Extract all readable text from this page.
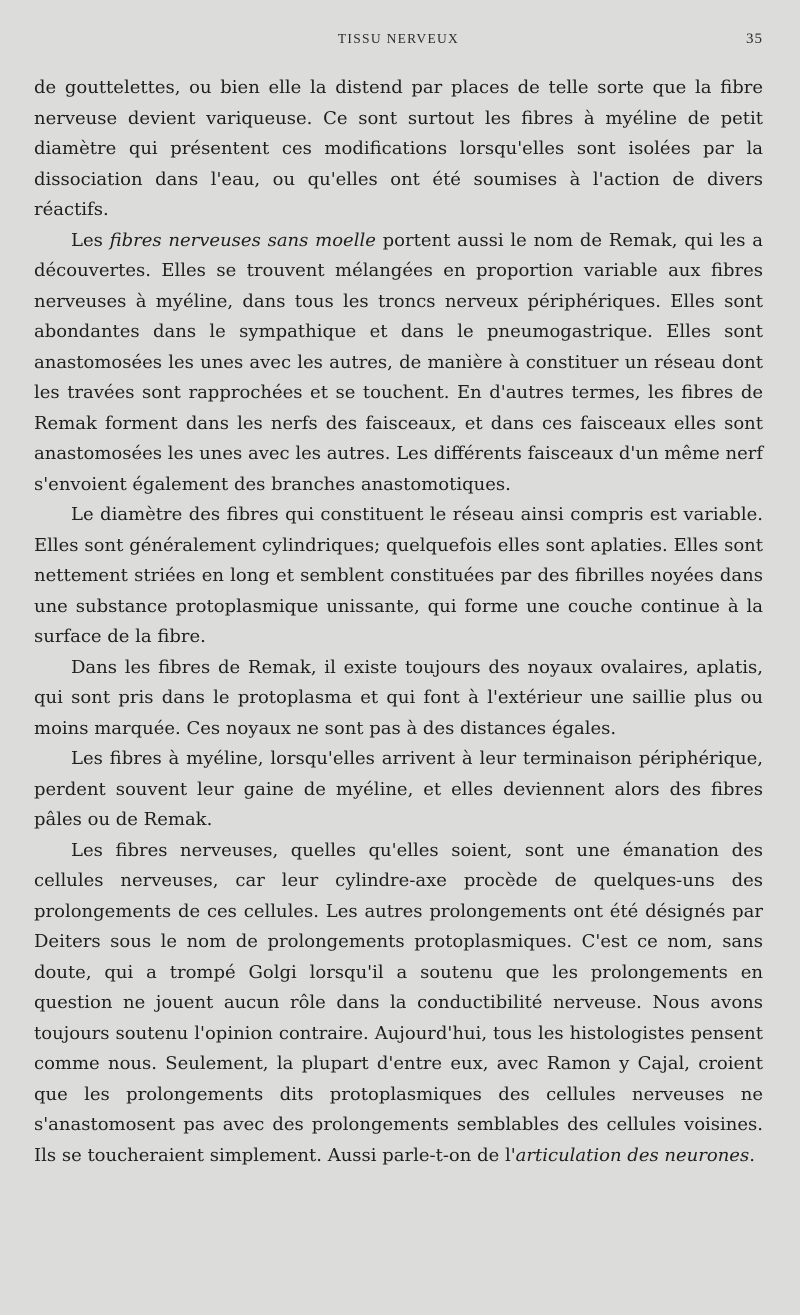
TISSU NERVEUX	35

de gouttelettes, ou bien elle la distend par places de telle sorte que la fibre nerveuse devient variqueuse. Ce sont surtout les fibres à myéline de petit diamètre qui présentent ces modifications lorsqu'elles sont isolées par la dissociation dans l'eau, ou qu'elles ont été soumises à l'action de divers réactifs.

Les fibres nerveuses sans moelle portent aussi le nom de Remak, qui les a découvertes. Elles se trouvent mélangées en proportion variable aux fibres nerveuses à myéline, dans tous les troncs nerveux périphériques. Elles sont abondantes dans le sympathique et dans le pneumogastrique. Elles sont anastomosées les unes avec les autres, de manière à constituer un réseau dont les travées sont rapprochées et se touchent. En d'autres termes, les fibres de Remak forment dans les nerfs des faisceaux, et dans ces faisceaux elles sont anastomosées les unes avec les autres. Les différents faisceaux d'un même nerf s'envoient également des branches anastomotiques.

Le diamètre des fibres qui constituent le réseau ainsi compris est variable. Elles sont généralement cylindriques; quelquefois elles sont aplaties. Elles sont nettement striées en long et semblent constituées par des fibrilles noyées dans une substance protoplasmique unissante, qui forme une couche continue à la surface de la fibre.

Dans les fibres de Remak, il existe toujours des noyaux ovalaires, aplatis, qui sont pris dans le protoplasma et qui font à l'extérieur une saillie plus ou moins marquée. Ces noyaux ne sont pas à des distances égales.

Les fibres à myéline, lorsqu'elles arrivent à leur terminaison périphérique, perdent souvent leur gaine de myéline, et elles deviennent alors des fibres pâles ou de Remak.

Les fibres nerveuses, quelles qu'elles soient, sont une émanation des cellules nerveuses, car leur cylindre-axe procède de quelques-uns des prolongements de ces cellules. Les autres prolongements ont été désignés par Deiters sous le nom de prolongements protoplasmiques. C'est ce nom, sans doute, qui a trompé Golgi lorsqu'il a soutenu que les prolongements en question ne jouent aucun rôle dans la conductibilité nerveuse. Nous avons toujours soutenu l'opinion contraire. Aujourd'hui, tous les histologistes pensent comme nous. Seulement, la plupart d'entre eux, avec Ramon y Cajal, croient que les prolongements dits protoplasmiques des cellules nerveuses ne s'anastomosent pas avec des prolongements semblables des cellules voisines. Ils se toucheraient simplement. Aussi parle-t-on de l'articulation des neurones.
